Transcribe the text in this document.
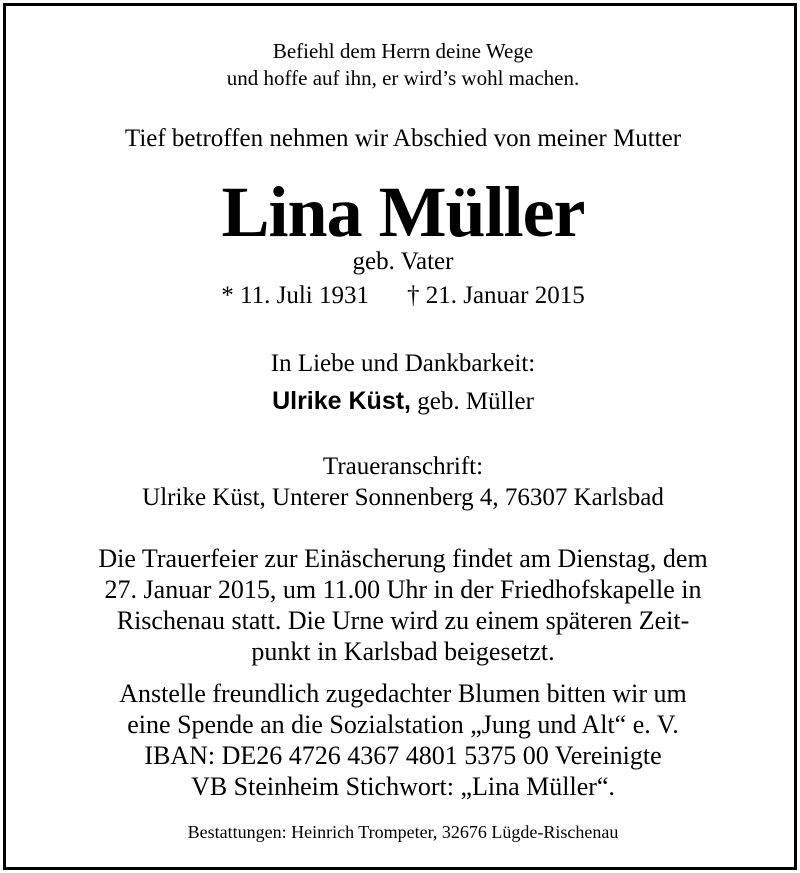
Befiehl dem Herrn deine Wege
und hoffe auf ihn, er wird’s wohl machen.
Tief betroffen nehmen wir Abschied von meiner Mutter
Lina Müller
geb. Vater
* 11. Juli 1931 † 21. Januar 2015
In Liebe und Dankbarkeit:
Ulrike Küst, geb. Müller
Traueranschrift:
Ulrike Küst, Unterer Sonnenberg 4, 76307 Karlsbad
Die Trauerfeier zur Einäscherung findet am Dienstag, dem
27. Januar 2015, um 11.00 Uhr in der Friedhofskapelle in
Rischenau statt. Die Urne wird zu einem späteren Zeit-
punkt in Karlsbad beigesetzt.
Anstelle freundlich zugedachter Blumen bitten wir um
eine Spende an die Sozialstation „Jung und Alt“ e. V.
IBAN: DE26 4726 4367 4801 5375 00 Vereinigte
VB Steinheim Stichwort: „Lina Müller“.
Bestattungen: Heinrich Trompeter, 32676 Lügde-Rischenau
